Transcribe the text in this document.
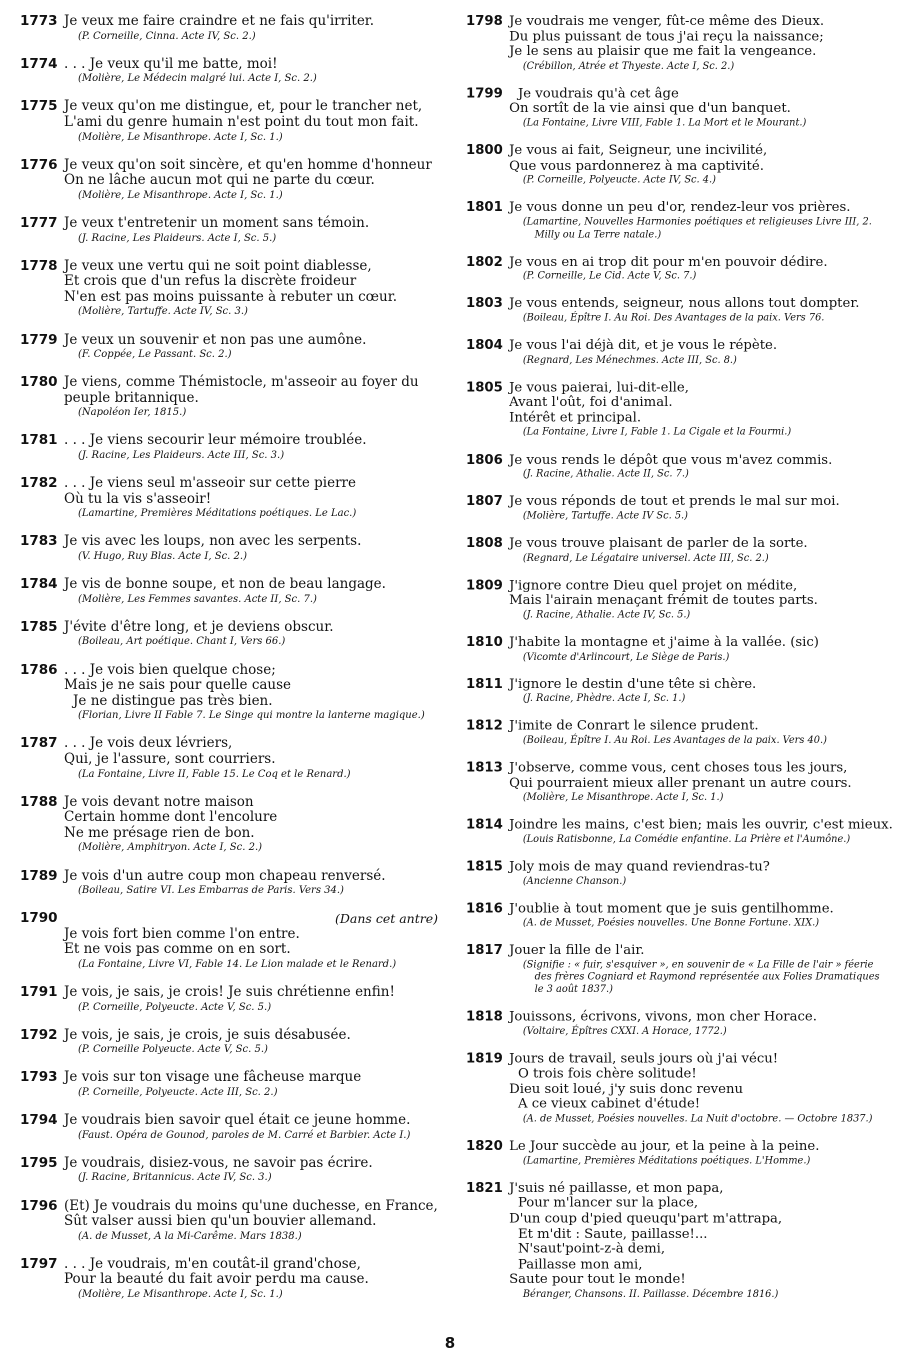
1773 Je veux me faire craindre et ne fais qu'irriter.
(P. Corneille, Cinna. Acte IV, Sc. 2.)
1774 . . . Je veux qu'il me batte, moi!
(Molière, Le Médecin malgré lui. Acte I, Sc. 2.)
1775 Je veux qu'on me distingue, et, pour le trancher net,
L'ami du genre humain n'est point du tout mon fait.
(Molière, Le Misanthrope. Acte I, Sc. 1.)
1776 Je veux qu'on soit sincère, et qu'en homme d'honneur
On ne lâche aucun mot qui ne parte du cœur.
(Molière, Le Misanthrope. Acte I, Sc. 1.)
1777 Je veux t'entretenir un moment sans témoin.
(J. Racine, Les Plaideurs. Acte I, Sc. 5.)
1778 Je veux une vertu qui ne soit point diablesse,
Et crois que d'un refus la discrète froideur
N'en est pas moins puissante à rebuter un cœur.
(Molière, Tartuffe. Acte IV, Sc. 3.)
1779 Je veux un souvenir et non pas une aumône.
(F. Coppée, Le Passant. Sc. 2.)
1780 Je viens, comme Thémistocle, m'asseoir au foyer du
peuple britannique.
(Napoléon Ier, 1815.)
1781 . . . Je viens secourir leur mémoire troublée.
(J. Racine, Les Plaideurs. Acte III, Sc. 3.)
1782 . . . Je viens seul m'asseoir sur cette pierre
Où tu la vis s'asseoir!
(Lamartine, Premières Méditations poétiques. Le Lac.)
1783 Je vis avec les loups, non avec les serpents.
(V. Hugo, Ruy Blas. Acte I, Sc. 2.)
1784 Je vis de bonne soupe, et non de beau langage.
(Molière, Les Femmes savantes. Acte II, Sc. 7.)
1785 J'évite d'être long, et je deviens obscur.
(Boileau, Art poétique. Chant I, Vers 66.)
1786 . . . Je vois bien quelque chose;
Mais je ne sais pour quelle cause
Je ne distingue pas très bien.
(Florian, Livre II Fable 7. Le Singe qui montre la lanterne magique.)
1787 . . . Je vois deux lévriers,
Qui, je l'assure, sont courriers.
(La Fontaine, Livre II, Fable 15. Le Coq et le Renard.)
1788 Je vois devant notre maison
Certain homme dont l'encolure
Ne me présage rien de bon.
(Molière, Amphitryon. Acte I, Sc. 2.)
1789 Je vois d'un autre coup mon chapeau renversé.
(Boileau, Satire VI. Les Embarras de Paris. Vers 34.)
1790	(Dans cet antre)
Je vois fort bien comme l'on entre.
Et ne vois pas comme on en sort.
(La Fontaine, Livre VI, Fable 14. Le Lion malade et le Renard.)
1791 Je vois, je sais, je crois! Je suis chrétienne enfin!
(P. Corneille, Polyeucte. Acte V, Sc. 5.)
1792 Je vois, je sais, je crois, je suis désabusée.
(P. Corneille Polyeucte. Acte V, Sc. 5.)
1793 Je vois sur ton visage une fâcheuse marque
(P. Corneille, Polyeucte. Acte III, Sc. 2.)
1794 Je voudrais bien savoir quel était ce jeune homme.
(Faust. Opéra de Gounod, paroles de M. Carré et Barbier. Acte I.)
1795 Je voudrais, disiez-vous, ne savoir pas écrire.
(J. Racine, Britannicus. Acte IV, Sc. 3.)
1796 (Et) Je voudrais du moins qu'une duchesse, en France,
Sût valser aussi bien qu'un bouvier allemand.
(A. de Musset, A la Mi-Carême. Mars 1838.)
1797 . . . Je voudrais, m'en coutât-il grand'chose,
Pour la beauté du fait avoir perdu ma cause.
(Molière, Le Misanthrope. Acte I, Sc. 1.)
1798 Je voudrais me venger, fût-ce même des Dieux.
Du plus puissant de tous j'ai reçu la naissance;
Je le sens au plaisir que me fait la vengeance.
(Crébillon, Atrée et Thyeste. Acte I, Sc. 2.)
1799	Je voudrais qu'à cet âge
On sortît de la vie ainsi que d'un banquet.
(La Fontaine, Livre VIII, Fable 1. La Mort et le Mourant.)
1800 Je vous ai fait, Seigneur, une incivilité,
Que vous pardonnerez à ma captivité.
(P. Corneille, Polyeucte. Acte IV, Sc. 4.)
1801 Je vous donne un peu d'or, rendez-leur vos prières.
(Lamartine, Nouvelles Harmonies poétiques et religieuses Livre III, 2. Milly ou La Terre natale.)
1802 Je vous en ai trop dit pour m'en pouvoir dédire.
(P. Corneille, Le Cid. Acte V, Sc. 7.)
1803 Je vous entends, seigneur, nous allons tout dompter.
(Boileau, Épître I. Au Roi. Des Avantages de la paix. Vers 76.
1804 Je vous l'ai déjà dit, et je vous le répète.
(Regnard, Les Ménechmes. Acte III, Sc. 8.)
1805 Je vous paierai, lui-dit-elle,
Avant l'oût, foi d'animal.
Intérêt et principal.
(La Fontaine, Livre I, Fable 1. La Cigale et la Fourmi.)
1806 Je vous rends le dépôt que vous m'avez commis.
(J. Racine, Athalie. Acte II, Sc. 7.)
1807 Je vous réponds de tout et prends le mal sur moi.
(Molière, Tartuffe. Acte IV Sc. 5.)
1808 Je vous trouve plaisant de parler de la sorte.
(Regnard, Le Légataire universel. Acte III, Sc. 2.)
1809 J'ignore contre Dieu quel projet on médite,
Mais l'airain menaçant frémit de toutes parts.
(J. Racine, Athalie. Acte IV, Sc. 5.)
1810 J'habite la montagne et j'aime à la vallée. (sic)
(Vicomte d'Arlincourt, Le Siège de Paris.)
1811 J'ignore le destin d'une tête si chère.
(J. Racine, Phèdre. Acte I, Sc. 1.)
1812 J'imite de Conrart le silence prudent.
(Boileau, Épître I. Au Roi. Les Avantages de la paix. Vers 40.)
1813 J'observe, comme vous, cent choses tous les jours,
Qui pourraient mieux aller prenant un autre cours.
(Molière, Le Misanthrope. Acte I, Sc. 1.)
1814 Joindre les mains, c'est bien; mais les ouvrir, c'est mieux.
(Louis Ratisbonne, La Comédie enfantine. La Prière et l'Aumône.)
1815 Joly mois de may quand reviendras-tu?
(Ancienne Chanson.)
1816 J'oublie à tout moment que je suis gentilhomme.
(A. de Musset, Poésies nouvelles. Une Bonne Fortune. XIX.)
1817 Jouer la fille de l'air.
(Signifie : « fuir, s'esquiver », en souvenir de « La Fille de l'air » féerie des frères Cogniard et Raymond représentée aux Folies Dramatiques le 3 août 1837.)
1818 Jouissons, écrivons, vivons, mon cher Horace.
(Voltaire, Épîtres CXXI. A Horace, 1772.)
1819 Jours de travail, seuls jours où j'ai vécu!
O trois fois chère solitude!
Dieu soit loué, j'y suis donc revenu
A ce vieux cabinet d'étude!
(A. de Musset, Poésies nouvelles. La Nuit d'octobre. — Octobre 1837.)
1820 Le Jour succède au jour, et la peine à la peine.
(Lamartine, Premières Méditations poétiques. L'Homme.)
1821 J'suis né paillasse, et mon papa,
Pour m'lancer sur la place,
D'un coup d'pied queuqu'part m'attrapa,
Et m'dit : Saute, paillasse!...
N'saut'point-z-à demi,
Paillasse mon ami,
Saute pour tout le monde!
Béranger, Chansons. II. Paillasse. Décembre 1816.)
8
